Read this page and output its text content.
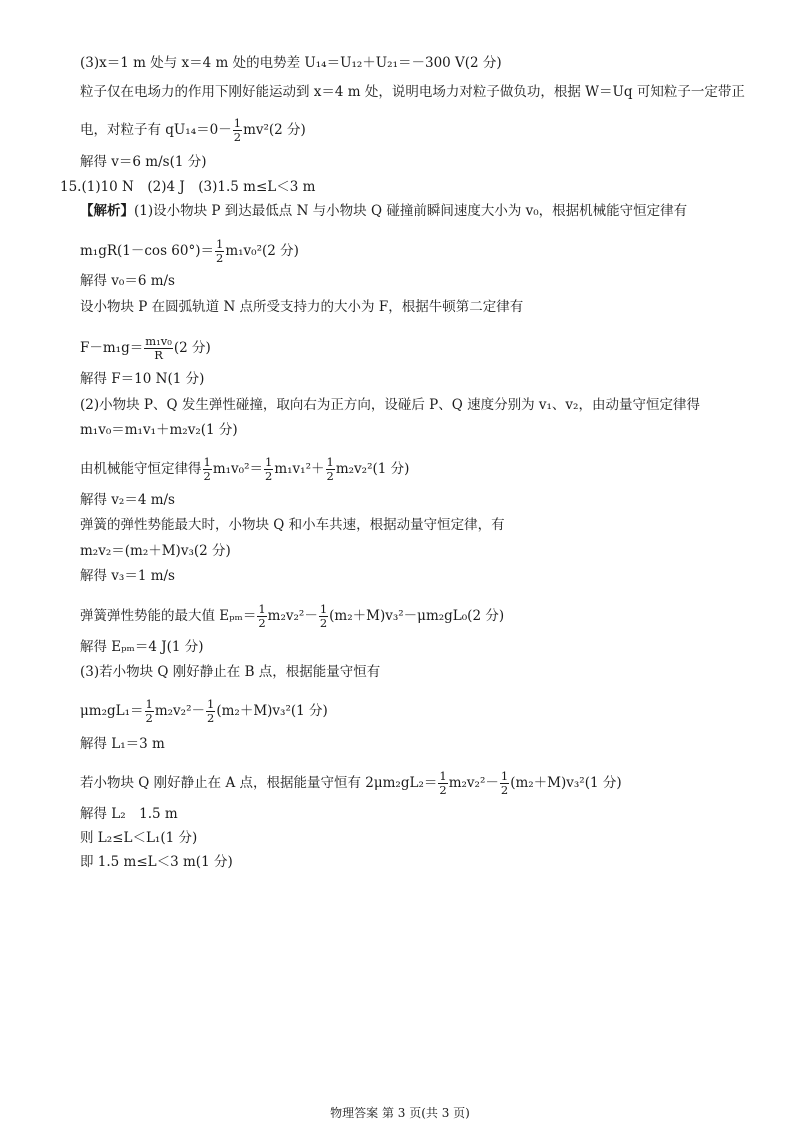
(3)x＝1 m 处与 x＝4 m 处的电势差 U₁₄＝U₁₂＋U₂₁＝－300 V(2 分)
粒子仅在电场力的作用下刚好能运动到 x＝4 m 处，说明电场力对粒子做负功，根据 W＝Uq 可知粒子一定带正
电，对粒子有 $qU_{14}=0- \frac{1}{2} mv^2(2$ 分)
解得 v＝6 m/s(1 分)
15.(1)10 N　(2)4 J　(3)1.5 m≤L＜3 m
【解析】(1)设小物块 P 到达最低点 N 与小物块 Q 碰撞前瞬间速度大小为 v₀，根据机械能守恒定律有
m₁gR(1－cos $60^\circ)= \frac{1}{2} m_1v_0^2(2$ 分)
解得 v₀＝6 m/s
设小物块 P 在圆弧轨道 N 点所受支持力的大小为 F，根据牛顿第二定律有
$F-m_1g= \frac{\text{m₁v₀}}{R} (2$ 分)
解得 F＝10 N(1 分)
(2)小物块 P、Q 发生弹性碰撞，取向右为正方向，设碰后 P、Q 速度分别为 v₁、v₂，由动量守恒定律得
m₁v₀＝m₁v₁＋m₂v₂(1 分)
由机械能守恒定律得 $\frac{1}{2} m_1v_0^2= \frac{1}{2} m_1v_1^2+ \frac{1}{2} m_2v_2^2(1$ 分)
解得 v₂＝4 m/s
弹簧的弹性势能最大时，小物块 Q 和小车共速，根据动量守恒定律，有
m₂v₂＝(m₂＋M)v₃(2 分)
解得 v₃＝1 m/s
弹簧弹性势能的最大值 $E_{pm}= \frac{1}{2} m_2v_2^2- \frac{1}{2} (m_2+M)v_3^2-\mu m_2gL_0(2$ 分)
解得 Eₚₘ＝4 J(1 分)
(3)若小物块 Q 刚好静止在 B 点，根据能量守恒有
$\mu m_2gL_1= \frac{1}{2} m_2v_2^2- \frac{1}{2} (m_2+M)v_3^2(1$ 分)
解得 L₁＝3 m
若小物块 Q 刚好静止在 A 点，根据能量守恒有 $2\mu m_2gL_2= \frac{1}{2} m_2v_2^2- \frac{1}{2} (m_2+M)v_3^2(1$ 分)
解得 L₂　1.5 m
则 L₂≤L＜L₁(1 分)
即 1.5 m≤L＜3 m(1 分)
物理答案 第 3 页(共 3 页)
